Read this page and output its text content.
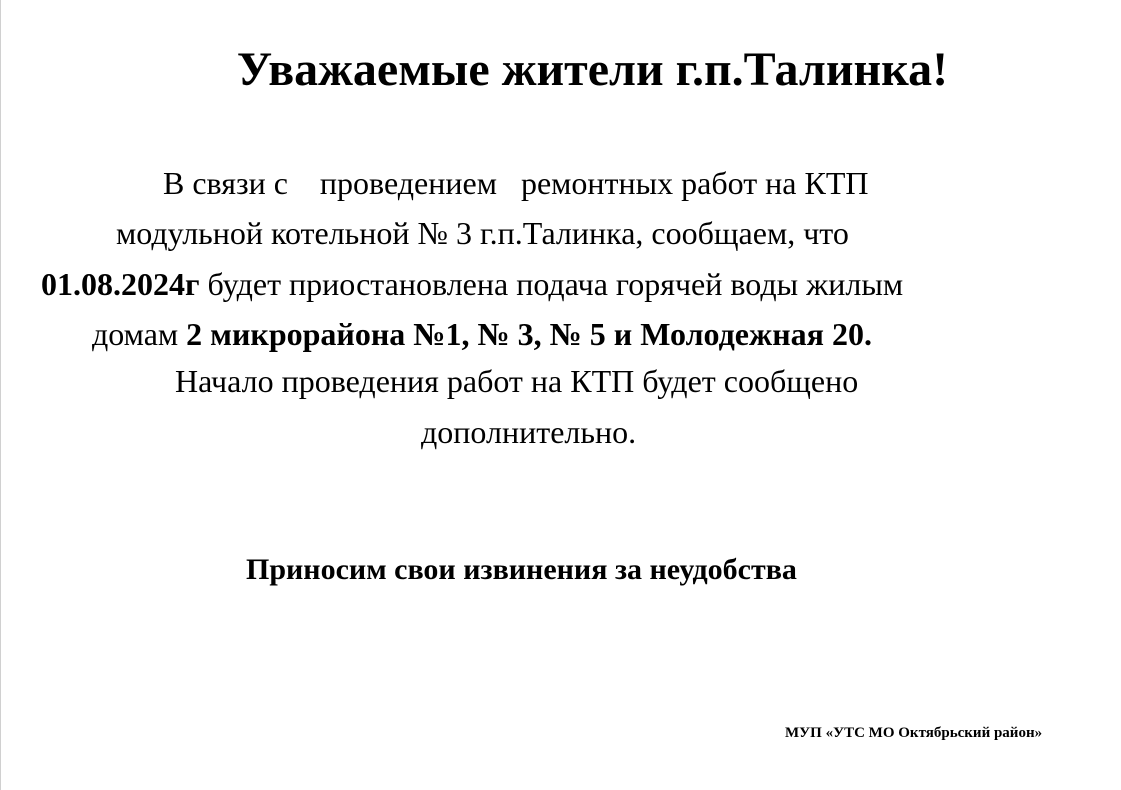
Уважаемые жители г.п.Талинка!
В связи с    проведением   ремонтных работ на КТП
модульной котельной № 3 г.п.Талинка, сообщаем, что
01.08.2024г будет приостановлена подача горячей воды жилым
домам 2 микрорайона №1, № 3, № 5 и Молодежная 20.
Начало проведения работ на КТП будет сообщено
дополнительно.
Приносим свои извинения за неудобства
МУП «УТС МО Октябрьский район»
